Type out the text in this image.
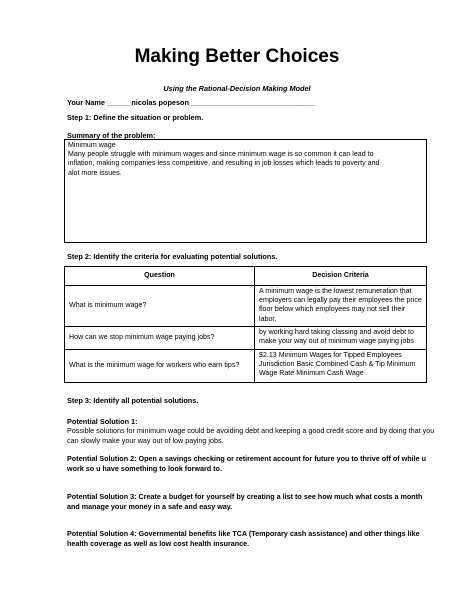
Making Better Choices
Using the Rational-Decision Making Model
Your Name ______nicolas popeson_______________________________
Step 1: Define the situation or problem.
Summary of the problem:
Minimum wage
Many people struggle with minimum wages and since minimum wage is so common it can lead to
inflation, making companies less competitive, and resulting in job losses which leads to poverty and
alot more issues.
Step 2: Identify the criteria for evaluating potential solutions.
Question	Decision Criteria
What is minimum wage?	A minimum wage is the lowest remuneration that employers can legally pay their employees the price floor below which employees may not sell their labor.
How can we stop minimum wage paying jobs?	by working hard taking classing and avoid debt to make your way out of minimum wage paying jobs
What is the minimum wage for workers who earn tips?	$2.13 Minimum Wages for Tipped Employees Jurisdiction Basic Combined Cash & Tip Minimum Wage Rate Minimum Cash Wage
Step 3: Identify all potential solutions.
Potential Solution 1:
Possible solutions for minimum wage could be avoiding debt and keeping a good credit score and by doing that you can slowly make your way out of low paying jobs.
Potential Solution 2: Open a savings checking or retirement account for future you to thrive off of while u work so u have something to look forward to.
Potential Solution 3: Create a budget for yourself by creating a list to see how much what costs a month and manage your money in a safe and easy way.
Potential Solution 4: Governmental benefits like TCA (Temporary cash assistance) and other things like health coverage as well as low cost health insurance.
